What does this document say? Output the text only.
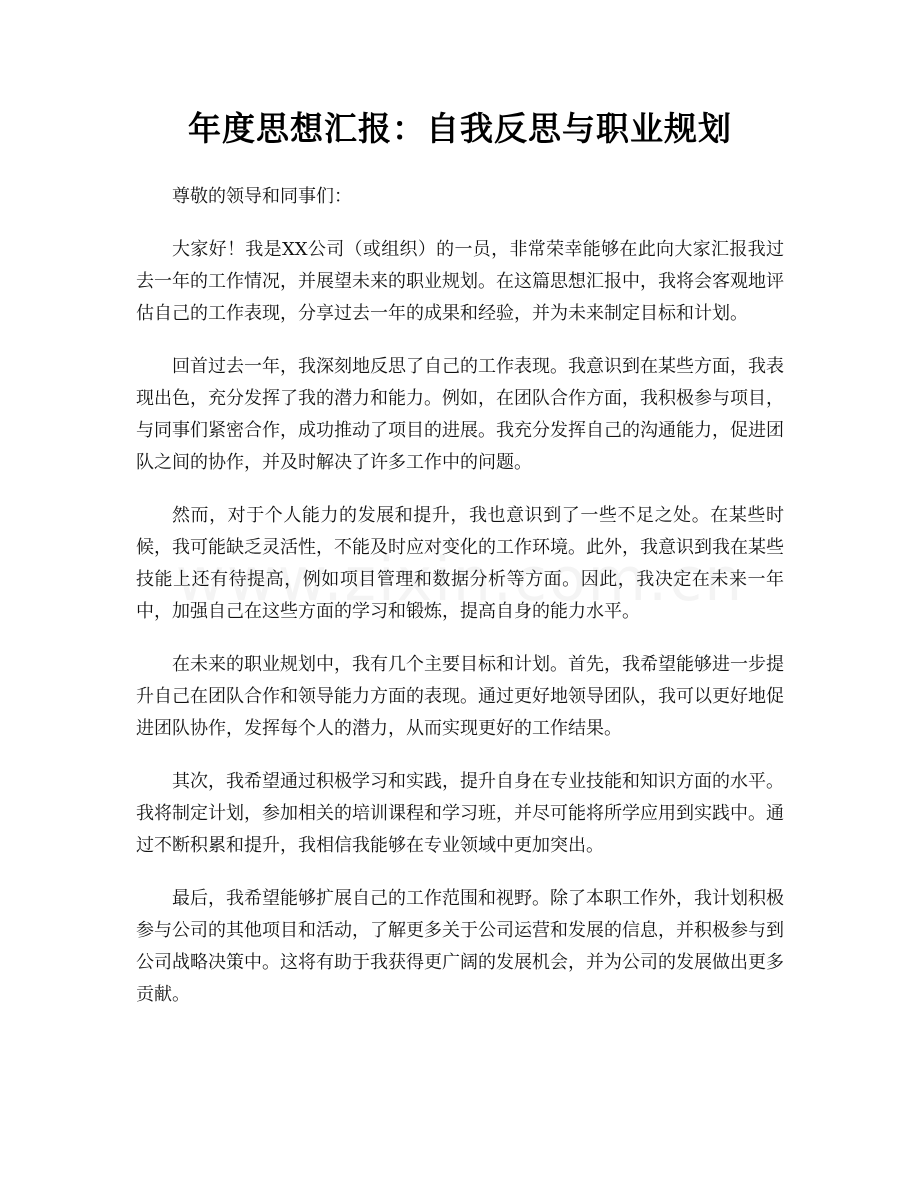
年度思想汇报：自我反思与职业规划

尊敬的领导和同事们：

大家好！我是XX公司（或组织）的一员，非常荣幸能够在此向大家汇报我过去一年的工作情况，并展望未来的职业规划。在这篇思想汇报中，我将会客观地评估自己的工作表现，分享过去一年的成果和经验，并为未来制定目标和计划。

回首过去一年，我深刻地反思了自己的工作表现。我意识到在某些方面，我表现出色，充分发挥了我的潜力和能力。例如，在团队合作方面，我积极参与项目，与同事们紧密合作，成功推动了项目的进展。我充分发挥自己的沟通能力，促进团队之间的协作，并及时解决了许多工作中的问题。

然而，对于个人能力的发展和提升，我也意识到了一些不足之处。在某些时候，我可能缺乏灵活性，不能及时应对变化的工作环境。此外，我意识到我在某些技能上还有待提高，例如项目管理和数据分析等方面。因此，我决定在未来一年中，加强自己在这些方面的学习和锻炼，提高自身的能力水平。

在未来的职业规划中，我有几个主要目标和计划。首先，我希望能够进一步提升自己在团队合作和领导能力方面的表现。通过更好地领导团队，我可以更好地促进团队协作，发挥每个人的潜力，从而实现更好的工作结果。

其次，我希望通过积极学习和实践，提升自身在专业技能和知识方面的水平。我将制定计划，参加相关的培训课程和学习班，并尽可能将所学应用到实践中。通过不断积累和提升，我相信我能够在专业领域中更加突出。

最后，我希望能够扩展自己的工作范围和视野。除了本职工作外，我计划积极参与公司的其他项目和活动，了解更多关于公司运营和发展的信息，并积极参与到公司战略决策中。这将有助于我获得更广阔的发展机会，并为公司的发展做出更多贡献。
